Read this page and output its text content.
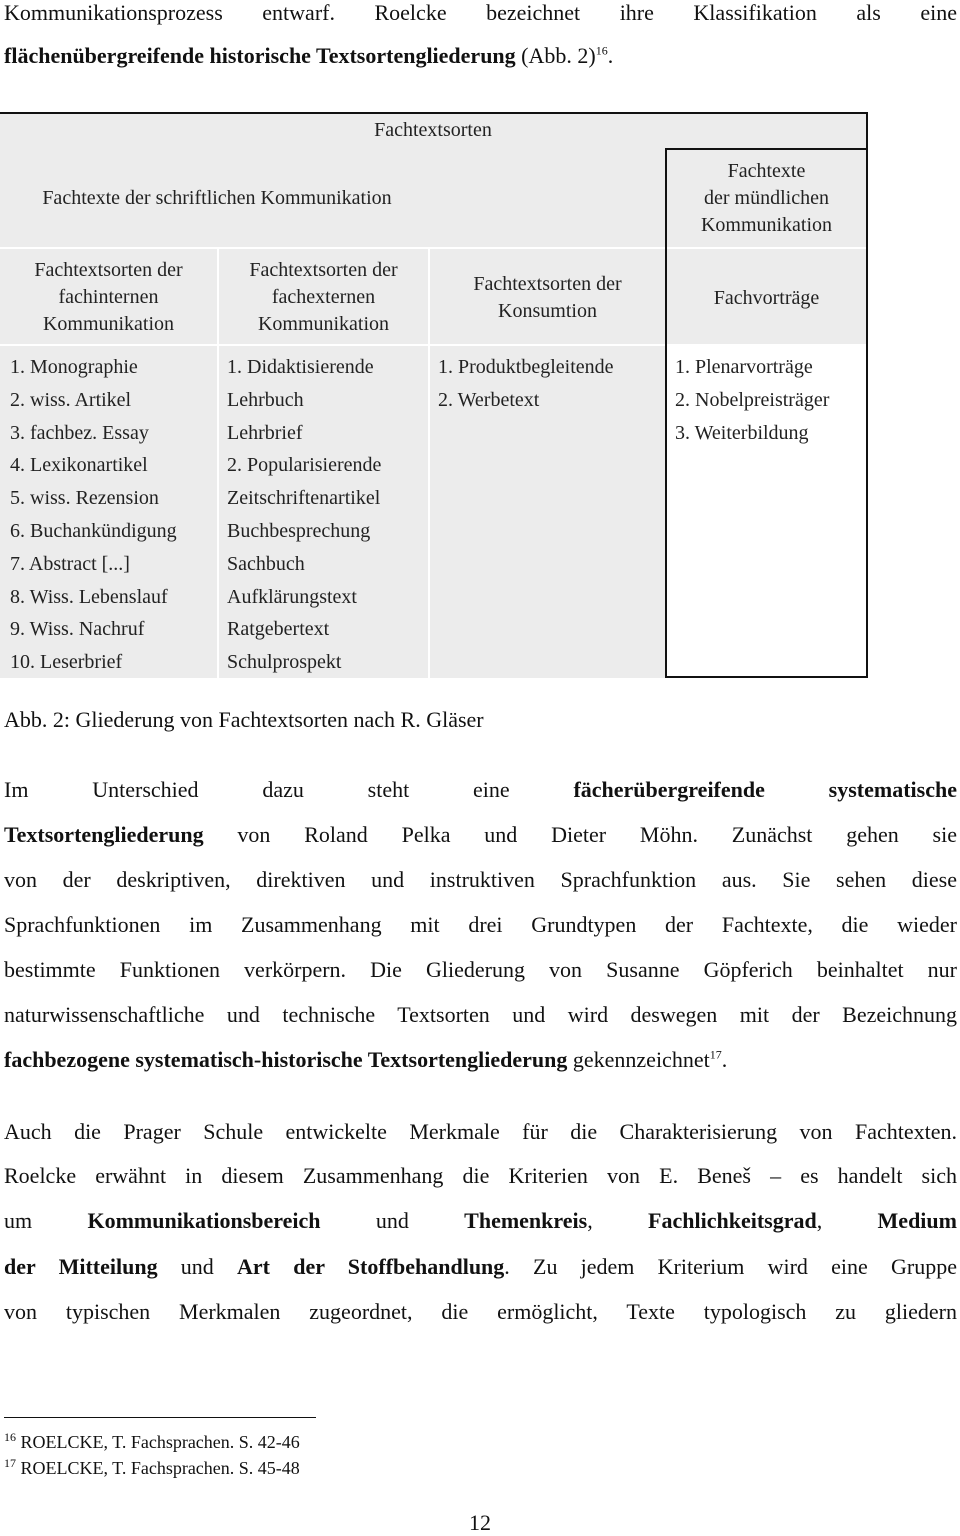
Kommunikationsprozess entwarf. Roelcke bezeichnet ihre Klassifikation als eine
flächenübergreifende historische Textsortengliederung (Abb. 2)$^{16}$.
Fachtextsorten
Fachtexte der schriftlichen Kommunikation
Fachtexte
der mündlichen
Kommunikation
Fachtextsorten der
fachinternen
Kommunikation
Fachtextsorten der
fachexternen
Kommunikation
Fachtextsorten der
Konsumtion
Fachvorträge
1. Monographie
2. wiss. Artikel
3. fachbez. Essay
4. Lexikonartikel
5. wiss. Rezension
6. Buchankündigung
7. Abstract [...]
8. Wiss. Lebenslauf
9. Wiss. Nachruf
10. Leserbrief
1. Didaktisierende
Lehrbuch
Lehrbrief
2. Popularisierende
Zeitschriftenartikel
Buchbesprechung
Sachbuch
Aufklärungstext
Ratgebertext
Schulprospekt
1. Produktbegleitende
2. Werbetext
1. Plenarvorträge
2. Nobelpreisträger
3. Weiterbildung
Abb. 2: Gliederung von Fachtextsorten nach R. Gläser
Im Unterschied dazu steht eine fächerübergreifende systematische
Textsortengliederung von Roland Pelka und Dieter Möhn. Zunächst gehen sie
von der deskriptiven, direktiven und instruktiven Sprachfunktion aus. Sie sehen diese
Sprachfunktionen im Zusammenhang mit drei Grundtypen der Fachtexte, die wieder
bestimmte Funktionen verkörpern. Die Gliederung von Susanne Göpferich beinhaltet nur
naturwissenschaftliche und technische Textsorten und wird deswegen mit der Bezeichnung
fachbezogene systematisch-historische Textsortengliederung gekennzeichnet$^{17}$.
Auch die Prager Schule entwickelte Merkmale für die Charakterisierung von Fachtexten.
Roelcke erwähnt in diesem Zusammenhang die Kriterien von E. Beneš – es handelt sich
um Kommunikationsbereich und Themenkreis, Fachlichkeitsgrad, Medium
der Mitteilung und Art der Stoffbehandlung. Zu jedem Kriterium wird eine Gruppe
von typischen Merkmalen zugeordnet, die ermöglicht, Texte typologisch zu gliedern
$^{16}$ ROELCKE, T. Fachsprachen. S. 42-46
$^{17}$ ROELCKE, T. Fachsprachen. S. 45-48
12
